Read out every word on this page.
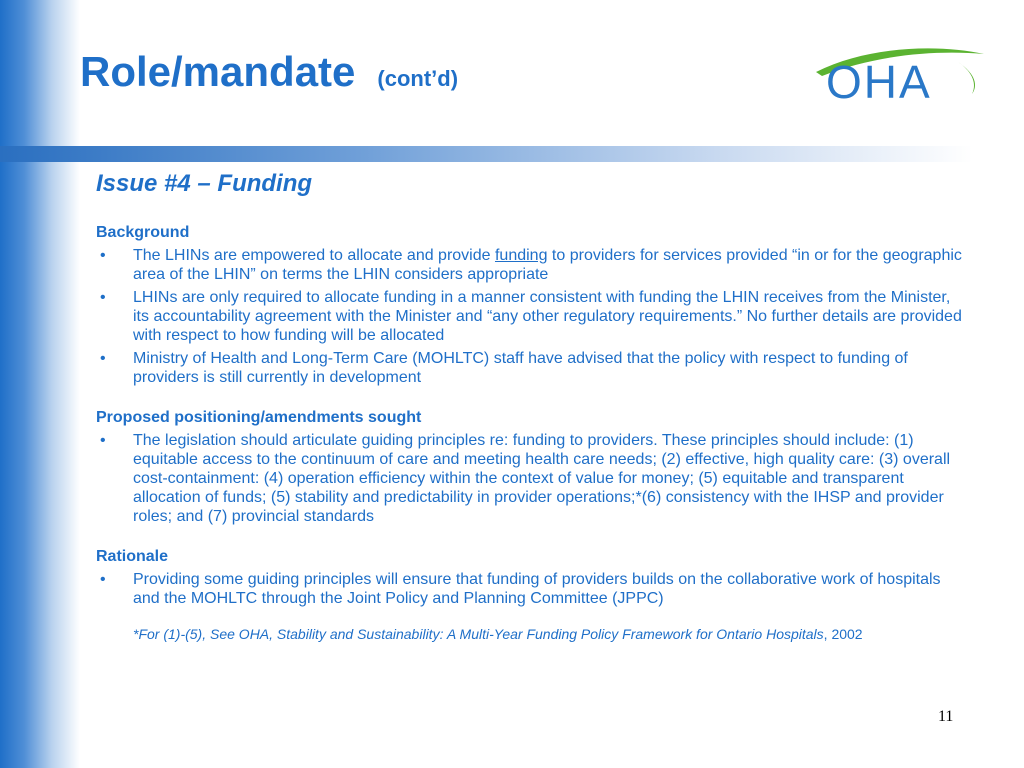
Role/mandate (cont’d)	OHA
Issue #4 – Funding
Background
• The LHINs are empowered to allocate and provide funding to providers for services provided “in or for the geographic area of the LHIN” on terms the LHIN considers appropriate
• LHINs are only required to allocate funding in a manner consistent with funding the LHIN receives from the Minister, its accountability agreement with the Minister and “any other regulatory requirements.” No further details are provided with respect to how funding will be allocated
• Ministry of Health and Long-Term Care (MOHLTC) staff have advised that the policy with respect to funding of providers is still currently in development
Proposed positioning/amendments sought
• The legislation should articulate guiding principles re: funding to providers. These principles should include: (1) equitable access to the continuum of care and meeting health care needs; (2) effective, high quality care: (3) overall cost-containment: (4) operation efficiency within the context of value for money; (5) equitable and transparent allocation of funds; (5) stability and predictability in provider operations;*(6) consistency with the IHSP and provider roles; and (7) provincial standards
Rationale
• Providing some guiding principles will ensure that funding of providers builds on the collaborative work of hospitals and the MOHLTC through the Joint Policy and Planning Committee (JPPC)
*For (1)-(5), See OHA, Stability and Sustainability: A Multi-Year Funding Policy Framework for Ontario Hospitals, 2002
11
